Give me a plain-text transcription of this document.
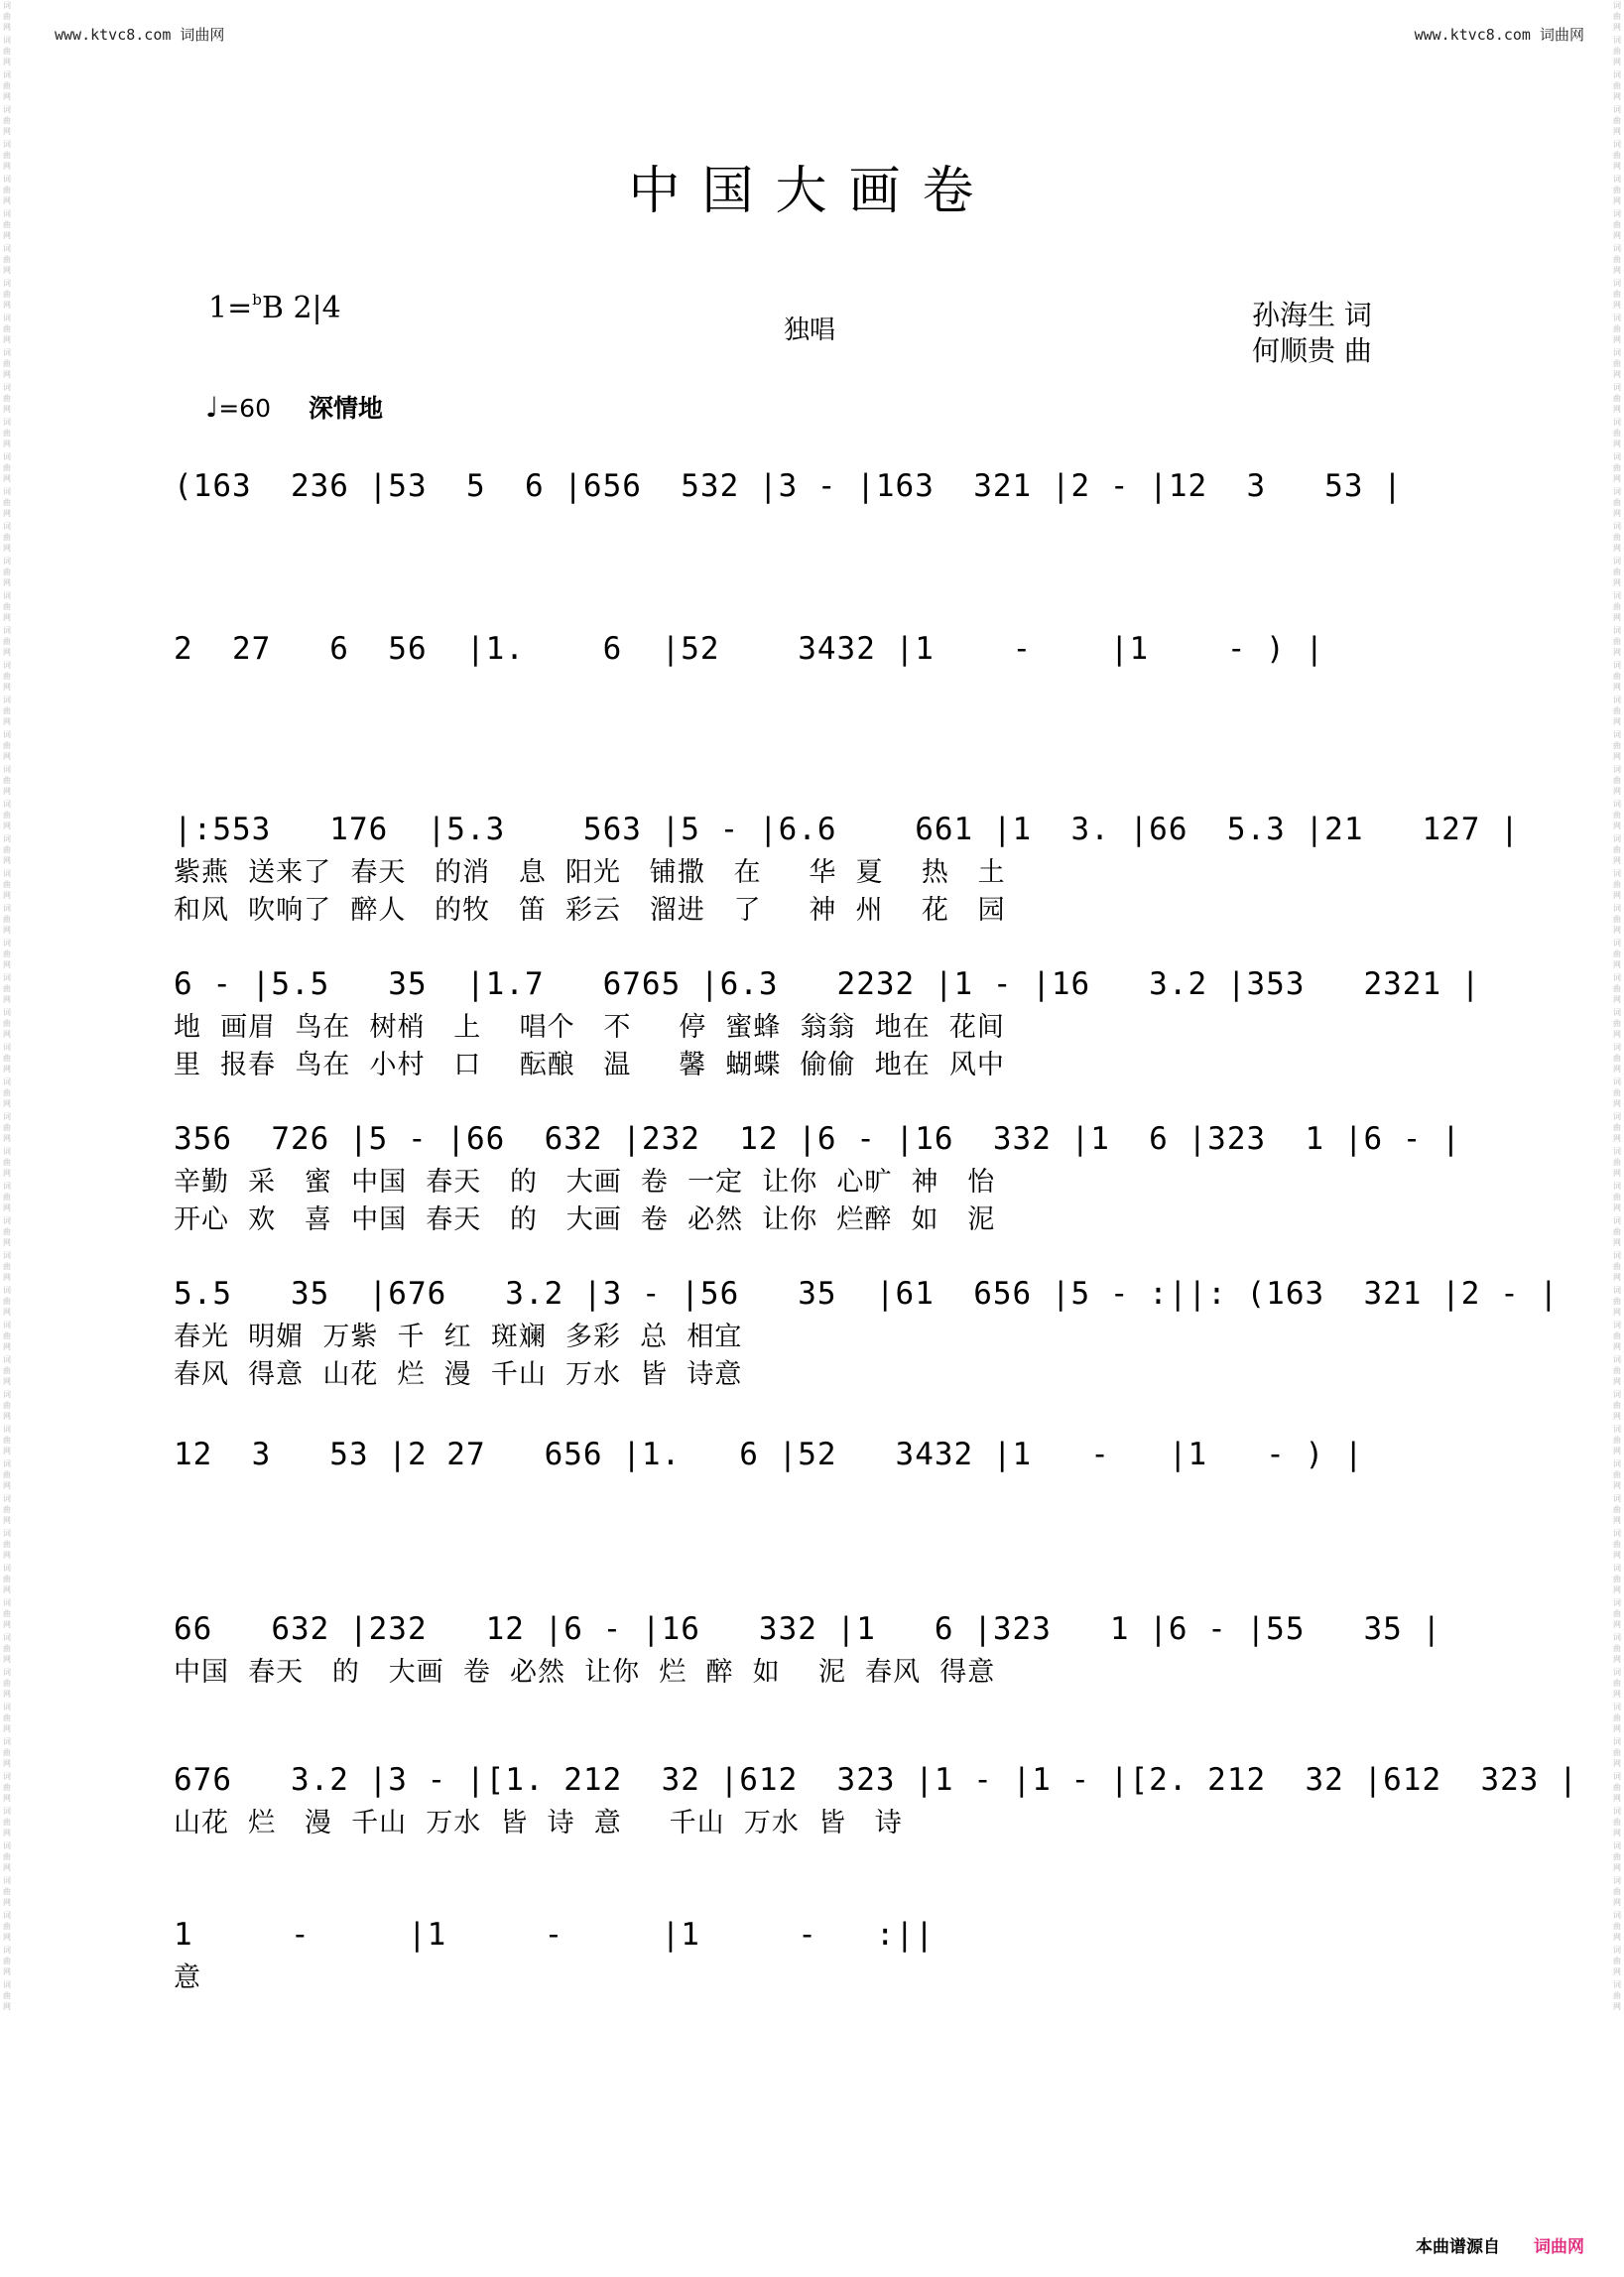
www.ktvc8.com 词曲网	www.ktvc8.com 词曲网
词曲网
词曲网
词曲网
词曲网
词曲网
词曲网
词曲网
词曲网
词曲网
词曲网
词曲网
词曲网
词曲网
词曲网
词曲网
词曲网
词曲网
词曲网
词曲网
词曲网
词曲网
词曲网
词曲网
词曲网
词曲网
词曲网
词曲网
词曲网
词曲网
词曲网
词曲网
词曲网
词曲网
词曲网
词曲网
词曲网
词曲网
词曲网
词曲网
词曲网
词曲网
词曲网
词曲网
词曲网
词曲网
词曲网
词曲网
词曲网
词曲网
词曲网
词曲网
词曲网
词曲网
词曲网
词曲网
词曲网
词曲网
词曲网
词曲网
词曲网
词曲网
词曲网
词曲网
词曲网
词曲网
词曲网
词曲网
词曲网
词曲网
词曲网
词曲网
词曲网
词曲网
词曲网
词曲网
词曲网
词曲网
词曲网
词曲网
词曲网
词曲网
词曲网
词曲网
词曲网
词曲网
词曲网
词曲网
词曲网
词曲网
词曲网
词曲网
词曲网
词曲网
词曲网
词曲网
词曲网
词曲网
词曲网
词曲网
词曲网
词曲网
词曲网
词曲网
词曲网
词曲网
词曲网
词曲网
词曲网
词曲网
词曲网
词曲网
词曲网
词曲网
词曲网
词曲网
词曲网
中国大画卷
1=$^b$B 2|4
独唱	孙海生 词
何顺贵 曲
♩=60 深情地
(163  236 |53  5  6 |656  532 |3 - |163  321 |2 - |12  3   53 |
2  27   6  56  |1.    6  |52    3432 |1    -    |1    - ) |
|:553   176  |5.3    563 |5 - |6.6    661 |1  3. |66  5.3 |21   127 |
紫燕  送来了  春天   的消   息  阳光   铺撒   在     华  夏    热   土
和风  吹响了  醉人   的牧   笛  彩云   溜进   了     神  州    花   园
6 - |5.5   35  |1.7   6765 |6.3   2232 |1 - |16   3.2 |353   2321 |
地  画眉  鸟在  树梢   上    唱个   不     停  蜜蜂  翁翁  地在  花间
里  报春  鸟在  小村   口    酝酿   温     馨  蝴蝶  偷偷  地在  风中
356  726 |5 - |66  632 |232  12 |6 - |16  332 |1  6 |323  1 |6 - |
辛勤  采   蜜  中国  春天   的   大画  卷  一定  让你  心旷  神   怡
开心  欢   喜  中国  春天   的   大画  卷  必然  让你  烂醉  如   泥
5.5   35  |676   3.2 |3 - |56   35  |61  656 |5 - :||: (163  321 |2 - |
春光  明媚  万紫  千  红  斑斓  多彩  总  相宜
春风  得意  山花  烂  漫  千山  万水  皆  诗意
12  3   53 |2 27   656 |1.   6 |52   3432 |1   -   |1   - ) |
66   632 |232   12 |6 - |16   332 |1   6 |323   1 |6 - |55   35 |
中国  春天   的   大画  卷  必然  让你  烂  醉  如    泥  春风  得意
676   3.2 |3 - |[1. 212  32 |612  323 |1 - |1 - |[2. 212  32 |612  323 |
山花  烂   漫  千山  万水  皆  诗  意     千山  万水  皆   诗
1     -     |1     -     |1     -   :||
意
本曲谱源自 词曲网
